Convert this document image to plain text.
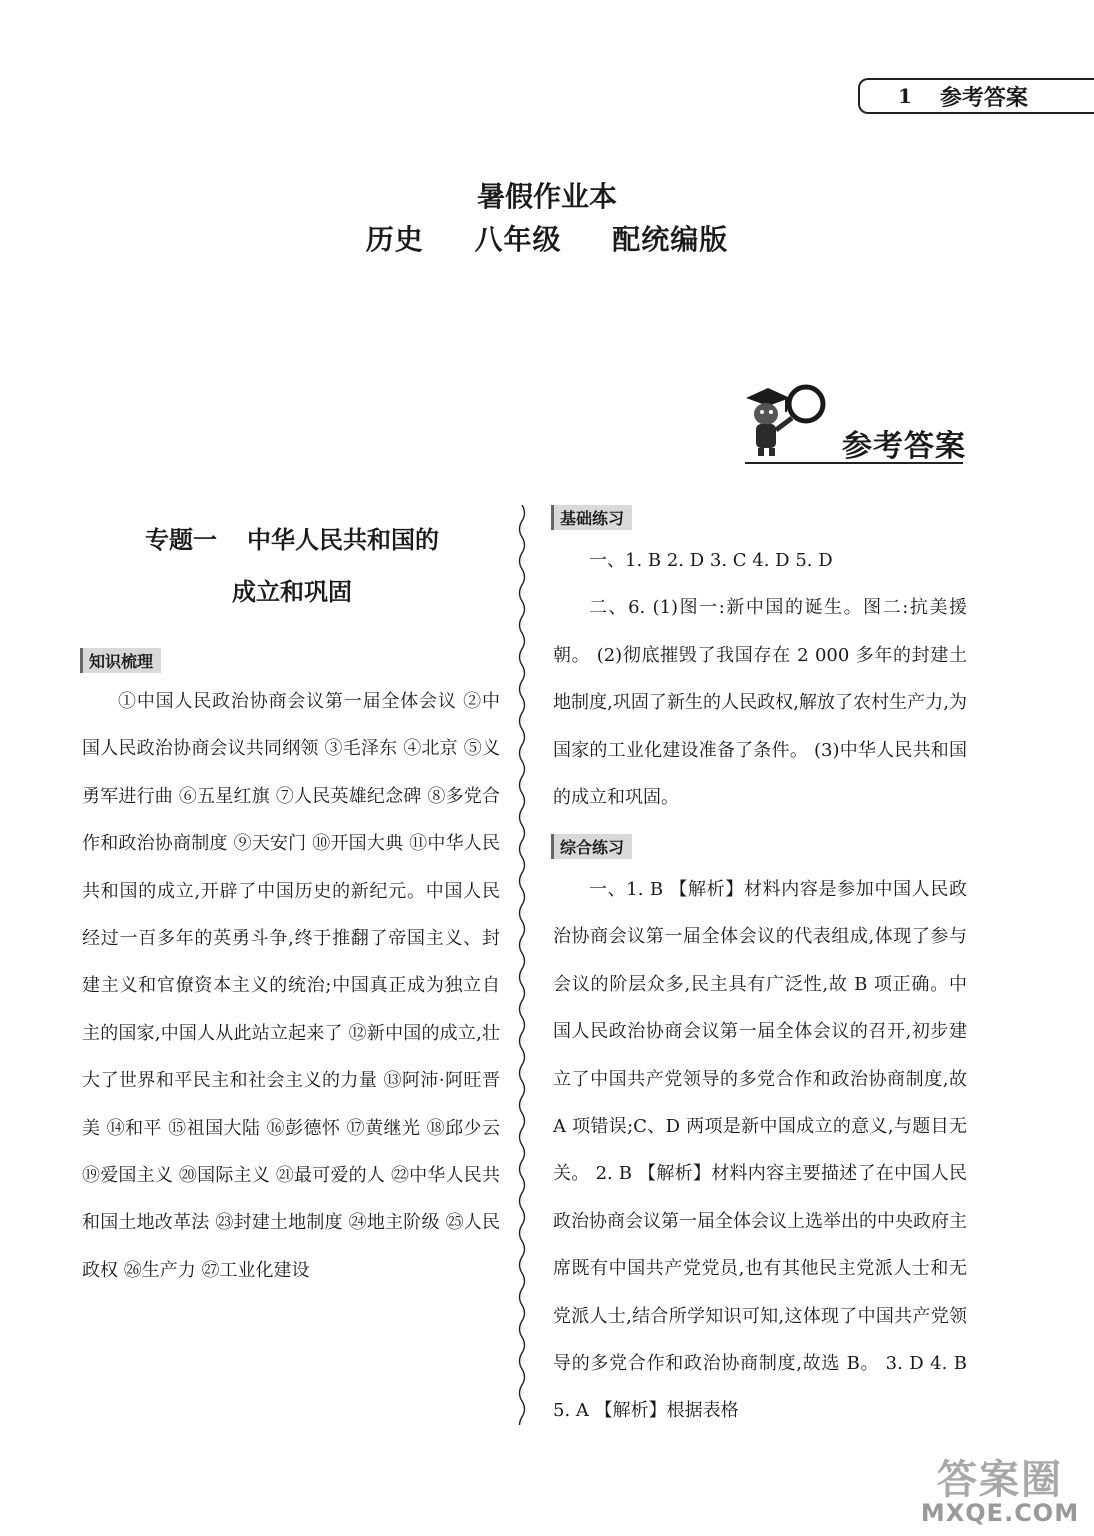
1 参考答案
暑假作业本
历史 八年级 配统编版
参考答案
专题一 中华人民共和国的
成立和巩固
知识梳理

①中国人民政治协商会议第一届全体会议 ②中国人民政治协商会议共同纲领 ③毛泽东 ④北京 ⑤义勇军进行曲 ⑥五星红旗 ⑦人民英雄纪念碑 ⑧多党合作和政治协商制度 ⑨天安门 ⑩开国大典 ⑪中华人民共和国的成立,开辟了中国历史的新纪元。中国人民经过一百多年的英勇斗争,终于推翻了帝国主义、封建主义和官僚资本主义的统治;中国真正成为独立自主的国家,中国人从此站立起来了 ⑫新中国的成立,壮大了世界和平民主和社会主义的力量 ⑬阿沛·阿旺晋美 ⑭和平 ⑮祖国大陆 ⑯彭德怀 ⑰黄继光 ⑱邱少云 ⑲爱国主义 ⑳国际主义 ㉑最可爱的人 ㉒中华人民共和国土地改革法 ㉓封建土地制度 ㉔地主阶级 ㉕人民政权 ㉖生产力 ㉗工业化建设

基础练习

一、1. B 2. D 3. C 4. D 5. D

二、6. (1)图一:新中国的诞生。图二:抗美援朝。 (2)彻底摧毁了我国存在 2 000 多年的封建土地制度,巩固了新生的人民政权,解放了农村生产力,为国家的工业化建设准备了条件。 (3)中华人民共和国的成立和巩固。

综合练习

一、1. B 【解析】材料内容是参加中国人民政治协商会议第一届全体会议的代表组成,体现了参与会议的阶层众多,民主具有广泛性,故 B 项正确。中国人民政治协商会议第一届全体会议的召开,初步建立了中国共产党领导的多党合作和政治协商制度,故 A 项错误;C、D 两项是新中国成立的意义,与题目无关。 2. B 【解析】材料内容主要描述了在中国人民政治协商会议第一届全体会议上选举出的中央政府主席既有中国共产党党员,也有其他民主党派人士和无党派人士,结合所学知识可知,这体现了中国共产党领导的多党合作和政治协商制度,故选 B。 3. D 4. B 5. A 【解析】根据表格

答案圈
MXQE.COM
